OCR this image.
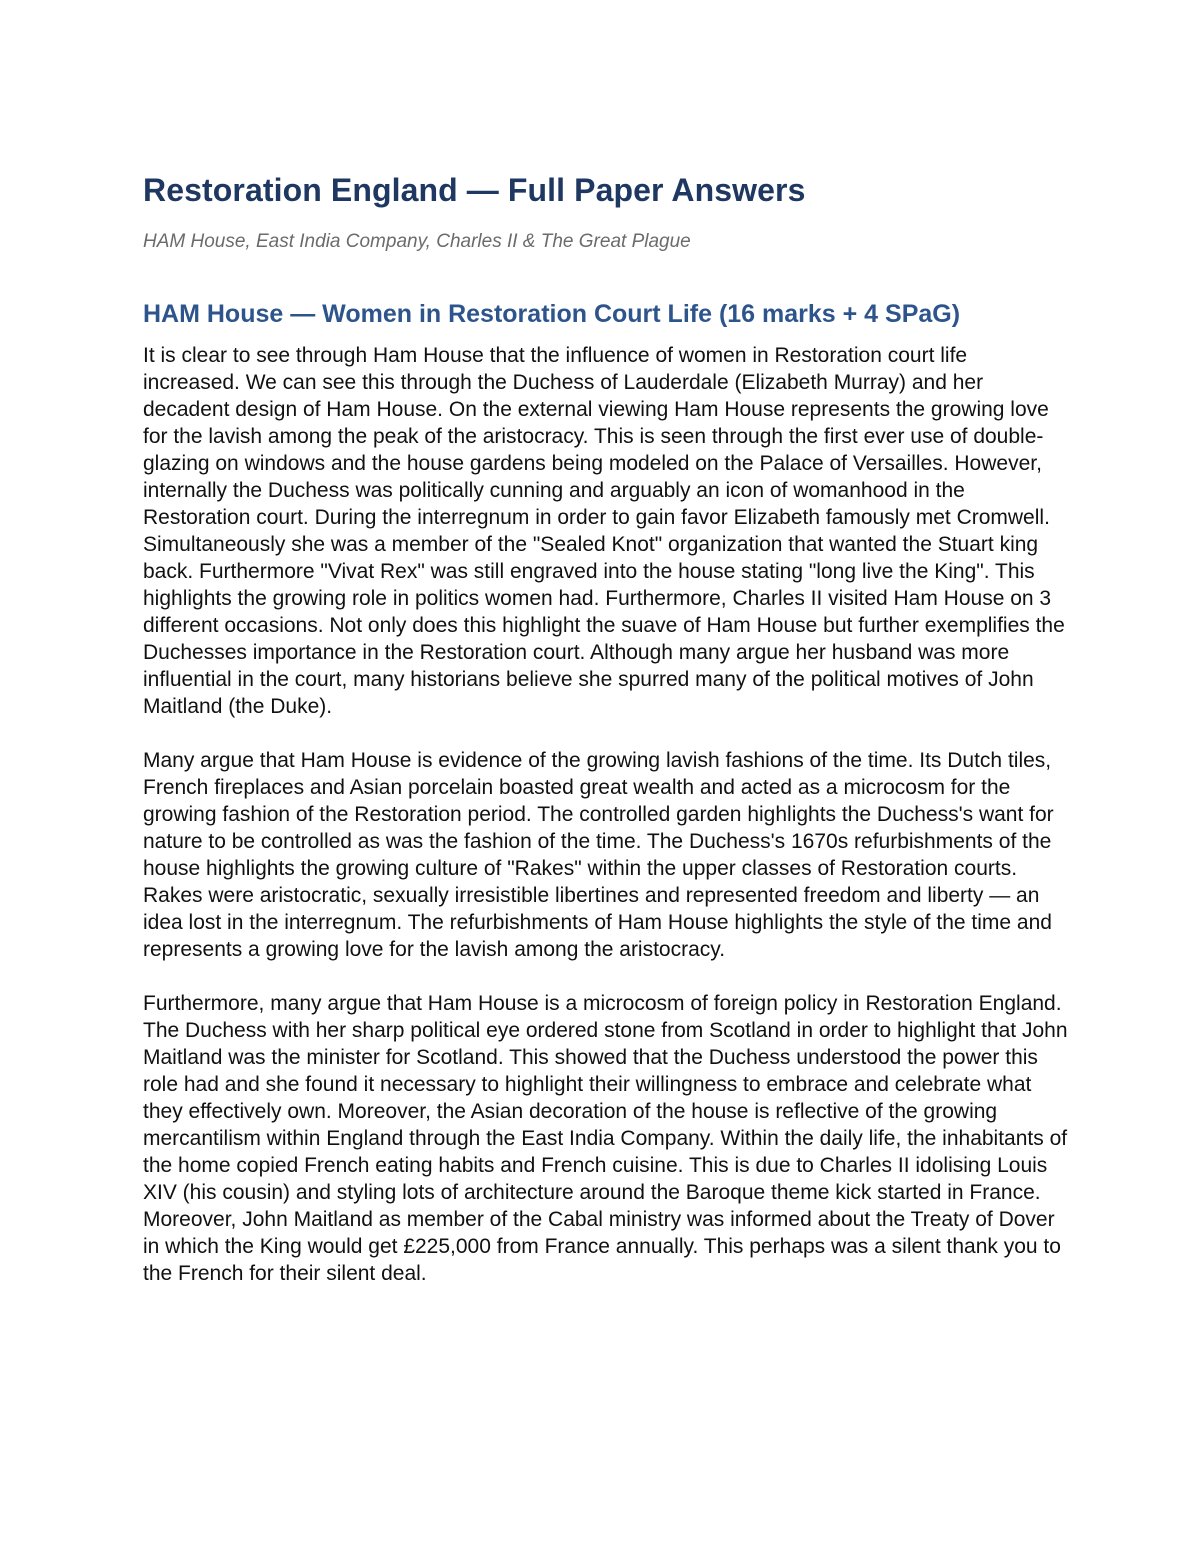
Restoration England — Full Paper Answers

HAM House, East India Company, Charles II & The Great Plague

HAM House — Women in Restoration Court Life (16 marks + 4 SPaG)

It is clear to see through Ham House that the influence of women in Restoration court life increased. We can see this through the Duchess of Lauderdale (Elizabeth Murray) and her decadent design of Ham House. On the external viewing Ham House represents the growing love for the lavish among the peak of the aristocracy. This is seen through the first ever use of double-glazing on windows and the house gardens being modeled on the Palace of Versailles. However, internally the Duchess was politically cunning and arguably an icon of womanhood in the Restoration court. During the interregnum in order to gain favor Elizabeth famously met Cromwell. Simultaneously she was a member of the "Sealed Knot" organization that wanted the Stuart king back. Furthermore "Vivat Rex" was still engraved into the house stating "long live the King". This highlights the growing role in politics women had. Furthermore, Charles II visited Ham House on 3 different occasions. Not only does this highlight the suave of Ham House but further exemplifies the Duchesses importance in the Restoration court. Although many argue her husband was more influential in the court, many historians believe she spurred many of the political motives of John Maitland (the Duke).

Many argue that Ham House is evidence of the growing lavish fashions of the time. Its Dutch tiles, French fireplaces and Asian porcelain boasted great wealth and acted as a microcosm for the growing fashion of the Restoration period. The controlled garden highlights the Duchess's want for nature to be controlled as was the fashion of the time. The Duchess's 1670s refurbishments of the house highlights the growing culture of "Rakes" within the upper classes of Restoration courts. Rakes were aristocratic, sexually irresistible libertines and represented freedom and liberty — an idea lost in the interregnum. The refurbishments of Ham House highlights the style of the time and represents a growing love for the lavish among the aristocracy.

Furthermore, many argue that Ham House is a microcosm of foreign policy in Restoration England. The Duchess with her sharp political eye ordered stone from Scotland in order to highlight that John Maitland was the minister for Scotland. This showed that the Duchess understood the power this role had and she found it necessary to highlight their willingness to embrace and celebrate what they effectively own. Moreover, the Asian decoration of the house is reflective of the growing mercantilism within England through the East India Company. Within the daily life, the inhabitants of the home copied French eating habits and French cuisine. This is due to Charles II idolising Louis XIV (his cousin) and styling lots of architecture around the Baroque theme kick started in France. Moreover, John Maitland as member of the Cabal ministry was informed about the Treaty of Dover in which the King would get £225,000 from France annually. This perhaps was a silent thank you to the French for their silent deal.
